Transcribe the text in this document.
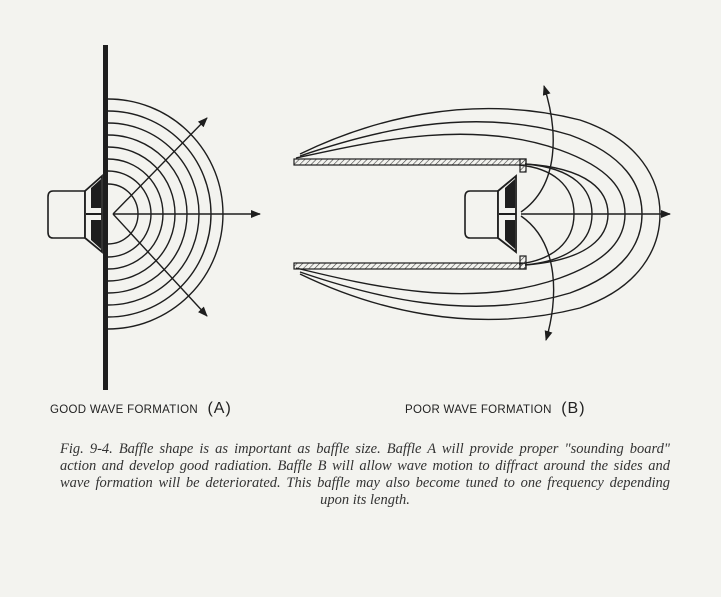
GOOD WAVE FORMATION (A)	POOR WAVE FORMATION (B)
Fig. 9-4. Baffle shape is as important as baffle size. Baffle A will provide proper "sounding board" action and develop good radiation. Baffle B will allow wave motion to diffract around the sides and wave formation will be deteriorated. This baffle may also become tuned to one frequency depending upon its length.
